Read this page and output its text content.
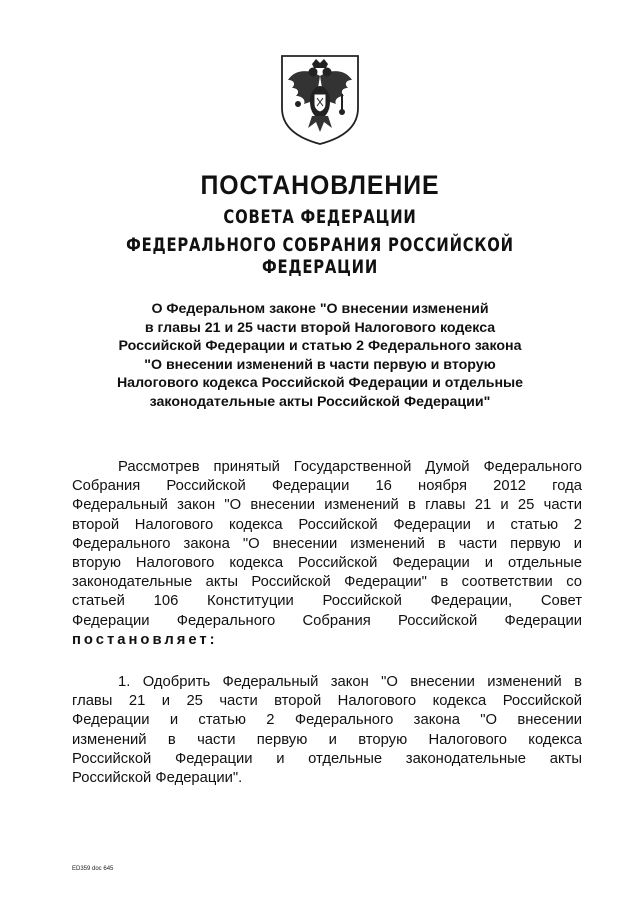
ПОСТАНОВЛЕНИЕ
СОВЕТА ФЕДЕРАЦИИ
ФЕДЕРАЛЬНОГО СОБРАНИЯ РОССИЙСКОЙ ФЕДЕРАЦИИ
О Федеральном законе "О внесении изменений
в главы 21 и 25 части второй Налогового кодекса
Российской Федерации и статью 2 Федерального закона
"О внесении изменений в части первую и вторую
Налогового кодекса Российской Федерации и отдельные
законодательные акты Российской Федерации"
Рассмотрев принятый Государственной Думой Федерального
Собрания Российской Федерации 16 ноября 2012 года
Федеральный закон "О внесении изменений в главы 21 и 25 части
второй Налогового кодекса Российской Федерации и статью 2
Федерального закона "О внесении изменений в части первую и
вторую Налогового кодекса Российской Федерации и отдельные
законодательные акты Российской Федерации" в соответствии со
статьей 106 Конституции Российской Федерации, Совет
Федерации Федерального Собрания Российской Федерации
постановляет:
1. Одобрить Федеральный закон "О внесении изменений в
главы 21 и 25 части второй Налогового кодекса Российской
Федерации и статью 2 Федерального закона "О внесении
изменений в части первую и вторую Налогового кодекса
Российской Федерации и отдельные законодательные акты
Российской Федерации".
ED359 doc 645
